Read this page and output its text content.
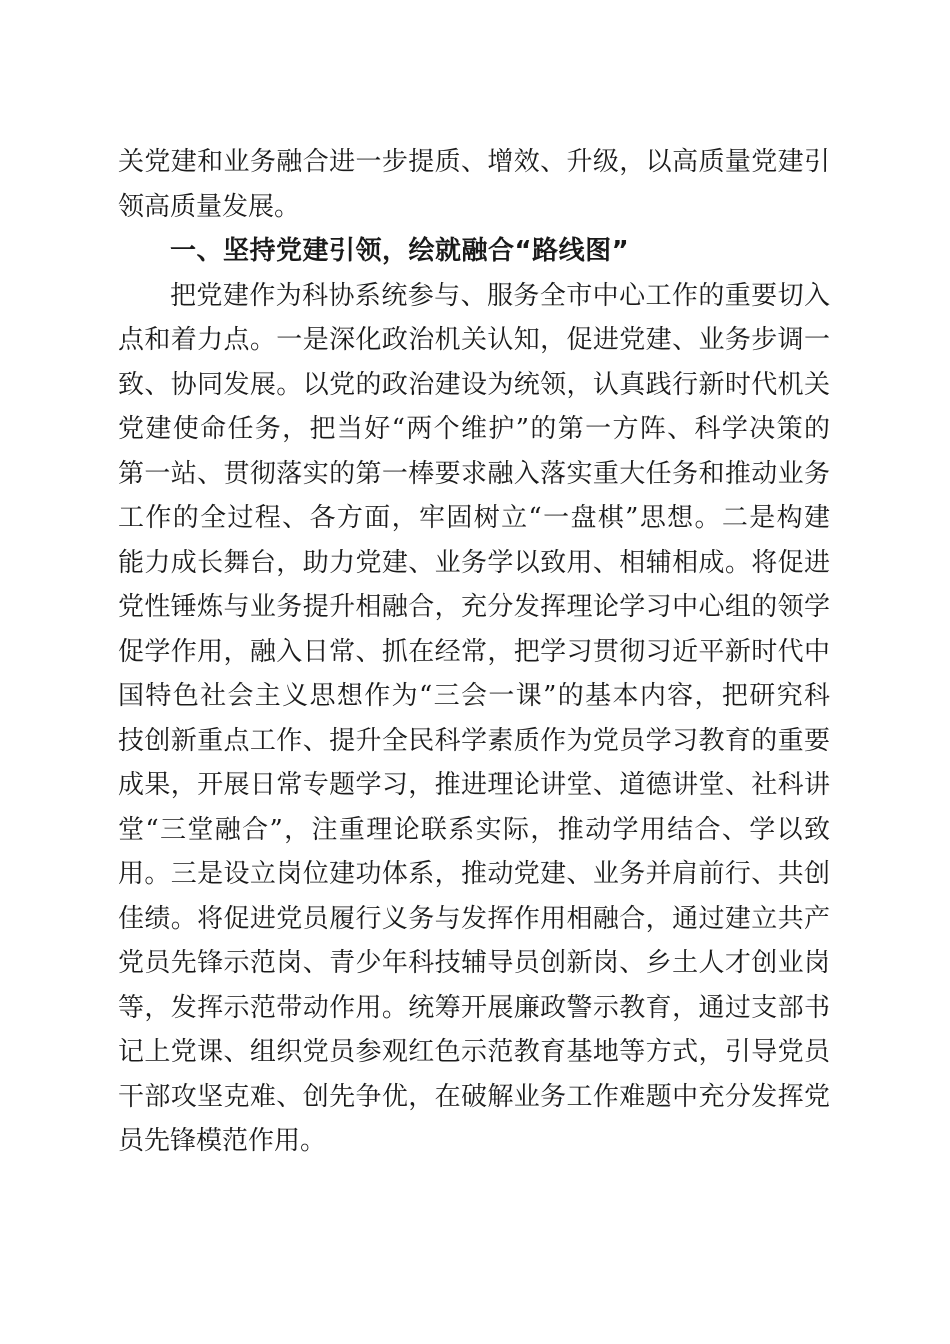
关党建和业务融合进一步提质、增效、升级，以高质量党建引
领高质量发展。
一、坚持党建引领，绘就融合“路线图”
把党建作为科协系统参与、服务全市中心工作的重要切入
点和着力点。一是深化政治机关认知，促进党建、业务步调一
致、协同发展。以党的政治建设为统领，认真践行新时代机关
党建使命任务，把当好“两个维护”的第一方阵、科学决策的
第一站、贯彻落实的第一棒要求融入落实重大任务和推动业务
工作的全过程、各方面，牢固树立“一盘棋”思想。二是构建
能力成长舞台，助力党建、业务学以致用、相辅相成。将促进
党性锤炼与业务提升相融合，充分发挥理论学习中心组的领学
促学作用，融入日常、抓在经常，把学习贯彻习近平新时代中
国特色社会主义思想作为“三会一课”的基本内容，把研究科
技创新重点工作、提升全民科学素质作为党员学习教育的重要
成果，开展日常专题学习，推进理论讲堂、道德讲堂、社科讲
堂“三堂融合”，注重理论联系实际，推动学用结合、学以致
用。三是设立岗位建功体系，推动党建、业务并肩前行、共创
佳绩。将促进党员履行义务与发挥作用相融合，通过建立共产
党员先锋示范岗、青少年科技辅导员创新岗、乡土人才创业岗
等，发挥示范带动作用。统筹开展廉政警示教育，通过支部书
记上党课、组织党员参观红色示范教育基地等方式，引导党员
干部攻坚克难、创先争优，在破解业务工作难题中充分发挥党
员先锋模范作用。
